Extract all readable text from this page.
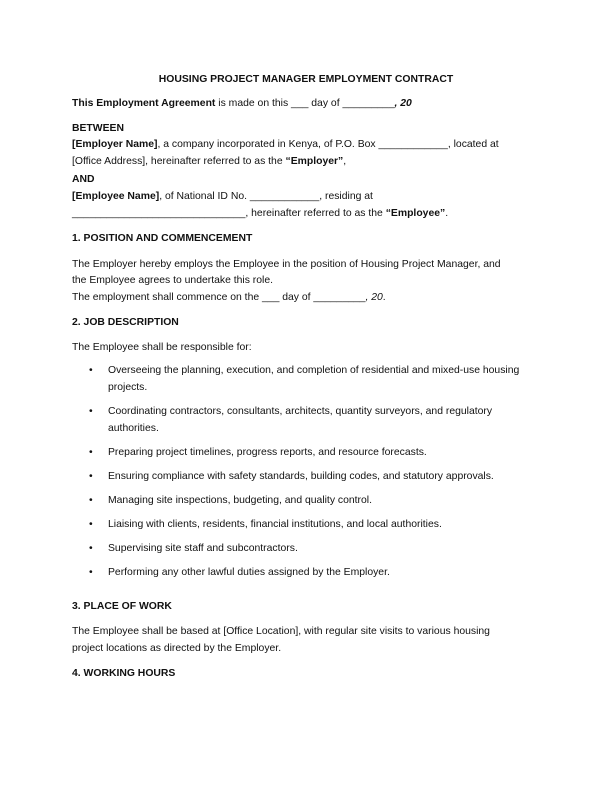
HOUSING PROJECT MANAGER EMPLOYMENT CONTRACT
This Employment Agreement is made on this ___ day of _________, 20
BETWEEN
[Employer Name], a company incorporated in Kenya, of P.O. Box ____________, located at
[Office Address], hereinafter referred to as the “Employer”,
AND
[Employee Name], of National ID No. ____________, residing at
______________________________, hereinafter referred to as the “Employee”.
1. POSITION AND COMMENCEMENT
The Employer hereby employs the Employee in the position of Housing Project Manager, and
the Employee agrees to undertake this role.
The employment shall commence on the ___ day of _________, 20.
2. JOB DESCRIPTION
The Employee shall be responsible for:
• Overseeing the planning, execution, and completion of residential and mixed-use housing projects.
• Coordinating contractors, consultants, architects, quantity surveyors, and regulatory authorities.
• Preparing project timelines, progress reports, and resource forecasts.
• Ensuring compliance with safety standards, building codes, and statutory approvals.
• Managing site inspections, budgeting, and quality control.
• Liaising with clients, residents, financial institutions, and local authorities.
• Supervising site staff and subcontractors.
• Performing any other lawful duties assigned by the Employer.
3. PLACE OF WORK
The Employee shall be based at [Office Location], with regular site visits to various housing
project locations as directed by the Employer.
4. WORKING HOURS
